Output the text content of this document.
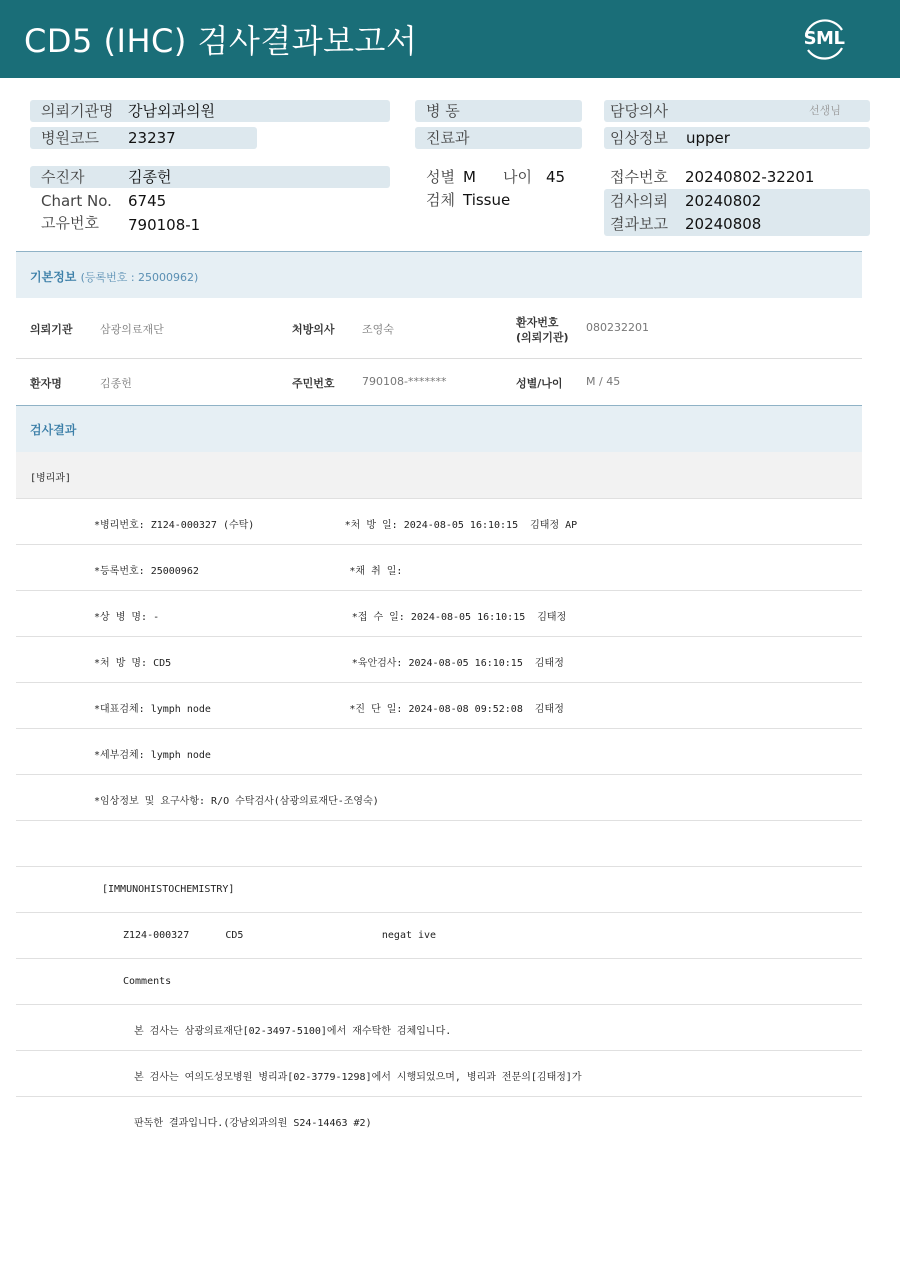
CD5 (IHC) 검사결과보고서	SML
의뢰기관명 강남외과의원
병원코드 23237
수진자	김종헌
Chart No. 6745
고유번호 790108-1
병 동
진료과
성별 M 나이 45
검체 Tissue
담당의사	선생님
임상정보 upper
접수번호 20240802-32201
검사의뢰 20240802
결과보고 20240808
기본정보 (등록번호 : 25000962)
의뢰기관 삼광의료재단	처방의사 조영숙
환자번호
(의뢰기관)
080232201
환자명	김종헌	주민번호 790108-*******	성별/나이 M / 45
검사결과
[병리과]
*병리번호: Z124-000327 (수탁)               *처 방 일: 2024-08-05 16:10:15  김태정 AP
*등록번호: 25000962                         *채 취 일:
*상 병 명: -                                *접 수 일: 2024-08-05 16:10:15  김태정
*처 방 명: CD5                              *육안검사: 2024-08-05 16:10:15  김태정
*대표검체: lymph node                       *진 단 일: 2024-08-08 09:52:08  김태정
*세부검체: lymph node
*임상정보 및 요구사항: R/O 수탁검사(삼광의료재단-조영숙)
[IMMUNOHISTOCHEMISTRY]
Z124-000327      CD5                       negat ive
Comments
본 검사는 삼광의료재단[02-3497-5100]에서 재수탁한 검체입니다.
본 검사는 여의도성모병원 병리과[02-3779-1298]에서 시행되었으며, 병리과 전문의[김태정]가
판독한 결과입니다.(강남외과의원 S24-14463 #2)
